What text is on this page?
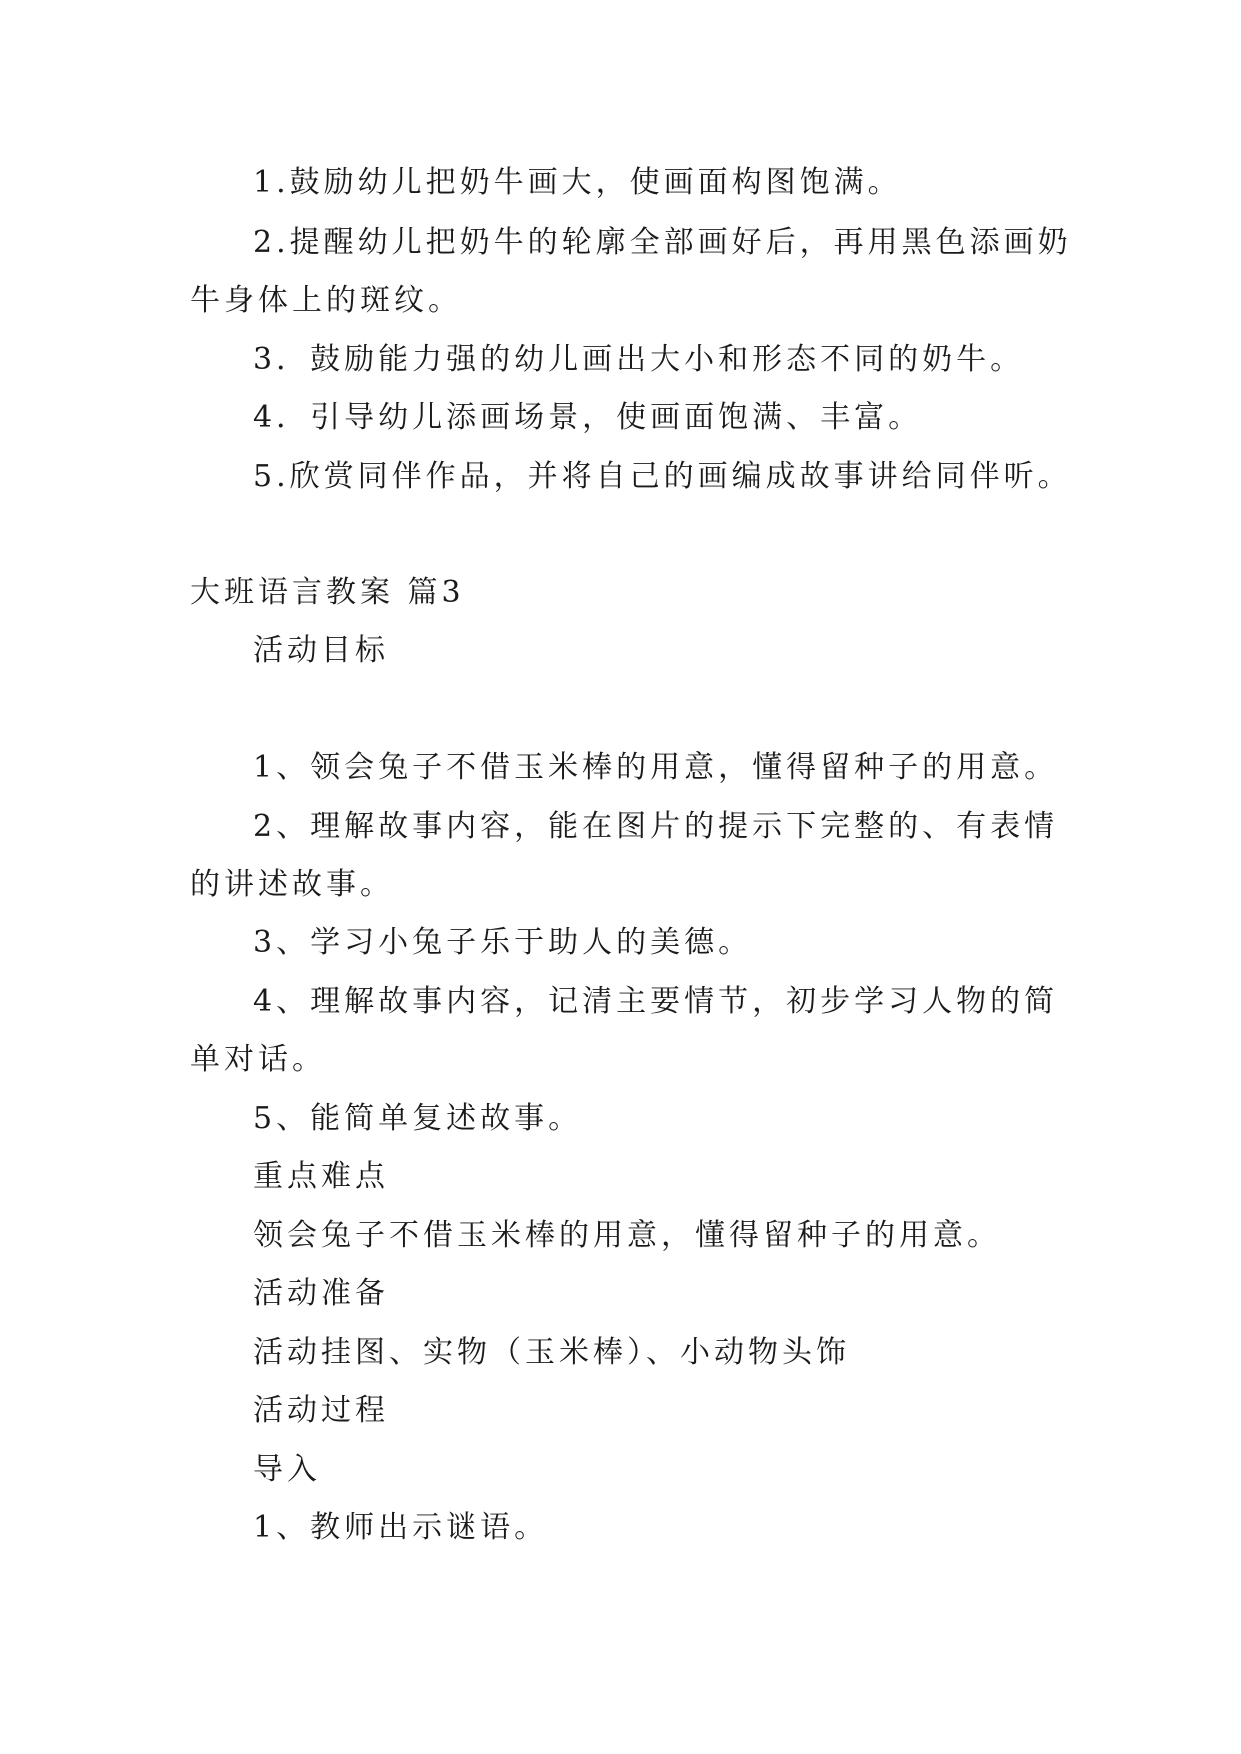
1.鼓励幼儿把奶牛画大，使画面构图饱满。
2.提醒幼儿把奶牛的轮廓全部画好后，再用黑色添画奶
牛身体上的斑纹。
3．鼓励能力强的幼儿画出大小和形态不同的奶牛。
4．引导幼儿添画场景，使画面饱满、丰富。
5.欣赏同伴作品，并将自己的画编成故事讲给同伴听。
大班语言教案 篇3
活动目标
1、领会兔子不借玉米棒的用意，懂得留种子的用意。
2、理解故事内容，能在图片的提示下完整的、有表情
的讲述故事。
3、学习小兔子乐于助人的美德。
4、理解故事内容，记清主要情节，初步学习人物的简
单对话。
5、能简单复述故事。
重点难点
领会兔子不借玉米棒的用意，懂得留种子的用意。
活动准备
活动挂图、实物（玉米棒）、小动物头饰
活动过程
导入
1、教师出示谜语。
